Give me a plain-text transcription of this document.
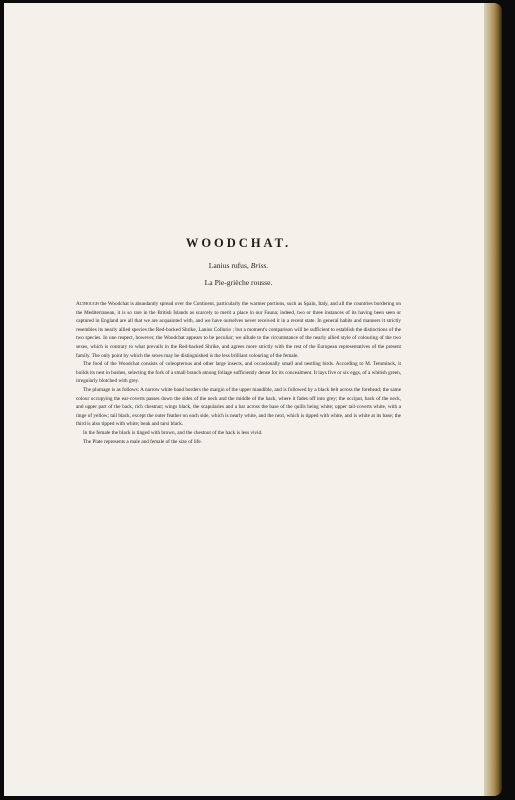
WOODCHAT.
Lanius rufus, Briss.
La Pie-grièche rousse.

Although the Woodchat is abundantly spread over the Continent, particularly the warmer portions, such as Spain, Italy, and all the countries bordering on the Mediterranean, it is so rare in the British Islands as scarcely to merit a place in our Fauna; indeed, two or three instances of its having been seen or captured in England are all that we are acquainted with, and we have ourselves never received it in a recent state. In general habits and manners it strictly resembles its nearly allied species the Red-backed Shrike, Lanius Collurio ; but a moment's comparison will be sufficient to establish the distinctions of the two species. In one respect, however, the Woodchat appears to be peculiar; we allude to the circumstance of the nearly allied style of colouring of the two sexes, which is contrary to what prevails in the Red-backed Shrike, and agrees more strictly with the rest of the European representatives of the present family. The only point by which the sexes may be distinguished is the less brilliant colouring of the female.

The food of the Woodchat consists of coleopterous and other large insects, and occasionally small and nestling birds. According to M. Temminck, it builds its nest in bushes, selecting the fork of a small branch among foliage sufficiently dense for its concealment. It lays five or six eggs, of a whitish green, irregularly blotched with grey.

The plumage is as follows: A narrow white band borders the margin of the upper mandible, and is followed by a black belt across the forehead; the same colour occupying the ear-coverts passes down the sides of the neck and the middle of the back, where it fades off into grey; the occiput, back of the neck, and upper part of the back, rich chestnut; wings black, the scapularies and a bar across the base of the quills being white; upper tail-coverts white, with a tinge of yellow; tail black, except the outer feather on each side, which is nearly white, and the next, which is tipped with white, and is white at its base; the third is also tipped with white; beak and tarsi black.

In the female the black is tinged with brown, and the chestnut of the back is less vivid.

The Plate represents a male and female of the size of life.
